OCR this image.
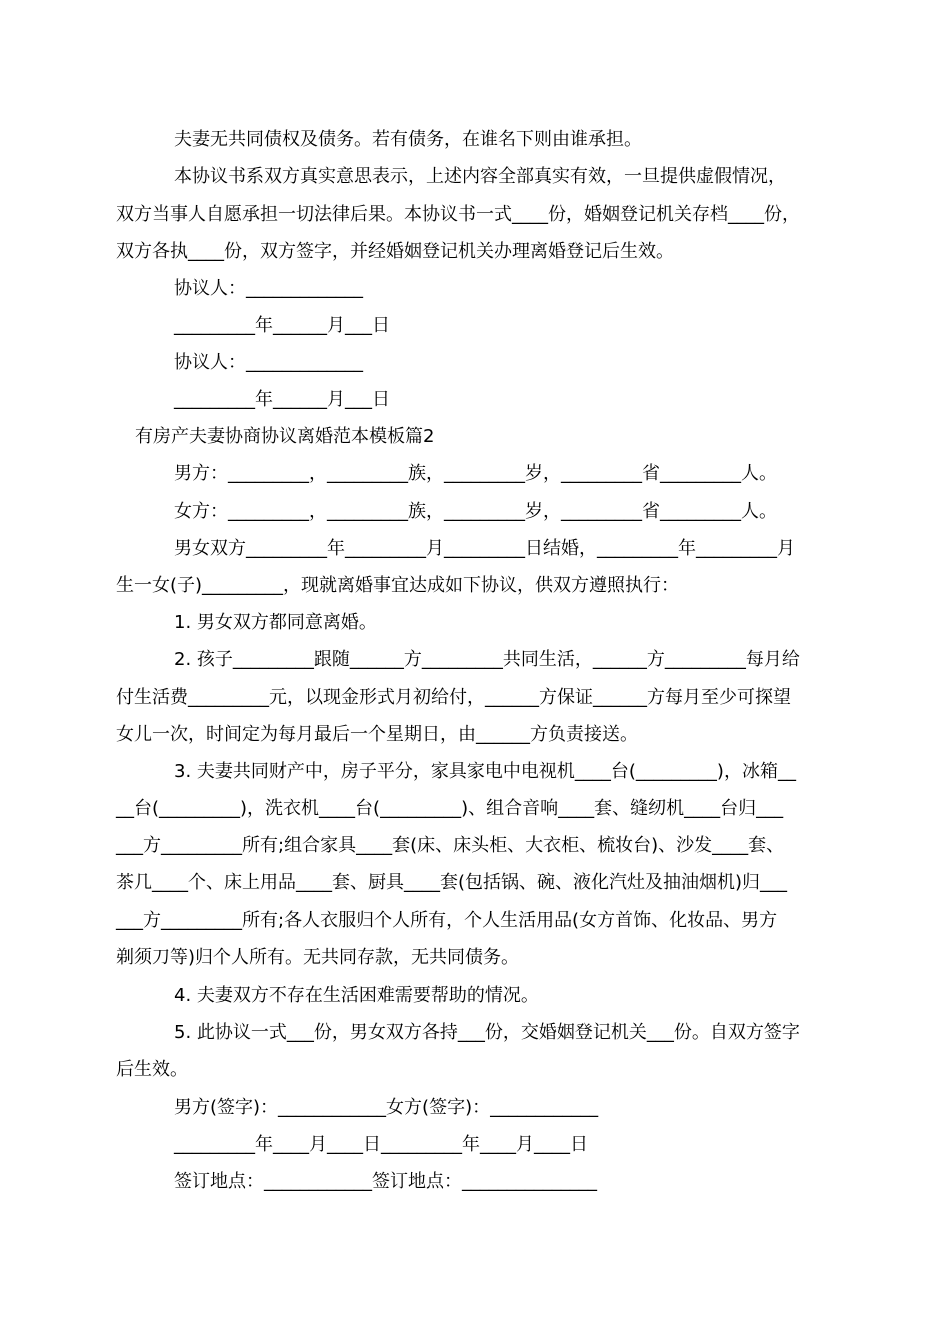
夫妻无共同债权及债务。若有债务，在谁名下则由谁承担。
本协议书系双方真实意思表示，上述内容全部真实有效，一旦提供虚假情况，
双方当事人自愿承担一切法律后果。本协议书一式____份，婚姻登记机关存档____份，
双方各执____份，双方签字，并经婚姻登记机关办理离婚登记后生效。
协议人：_____________
_________年______月___日
协议人：_____________
_________年______月___日
有房产夫妻协商协议离婚范本模板篇2
男方：_________，_________族，_________岁，_________省_________人。
女方：_________，_________族，_________岁，_________省_________人。
男女双方_________年_________月_________日结婚，_________年_________月
生一女(子)_________，现就离婚事宜达成如下协议，供双方遵照执行：
1. 男女双方都同意离婚。
2. 孩子_________跟随______方_________共同生活，______方_________每月给
付生活费_________元，以现金形式月初给付，______方保证______方每月至少可探望
女儿一次，时间定为每月最后一个星期日，由______方负责接送。
3. 夫妻共同财产中，房子平分，家具家电中电视机____台(_________)，冰箱__
__台(_________)，洗衣机____台(_________)、组合音响____套、缝纫机____台归___
___方_________所有;组合家具____套(床、床头柜、大衣柜、梳妆台)、沙发____套、
茶几____个、床上用品____套、厨具____套(包括锅、碗、液化汽灶及抽油烟机)归___
___方_________所有;各人衣服归个人所有，个人生活用品(女方首饰、化妆品、男方
剃须刀等)归个人所有。无共同存款，无共同债务。
4. 夫妻双方不存在生活困难需要帮助的情况。
5. 此协议一式___份，男女双方各持___份，交婚姻登记机关___份。自双方签字
后生效。
男方(签字)：____________女方(签字)：____________
_________年____月____日_________年____月____日
签订地点：____________签订地点：_______________
